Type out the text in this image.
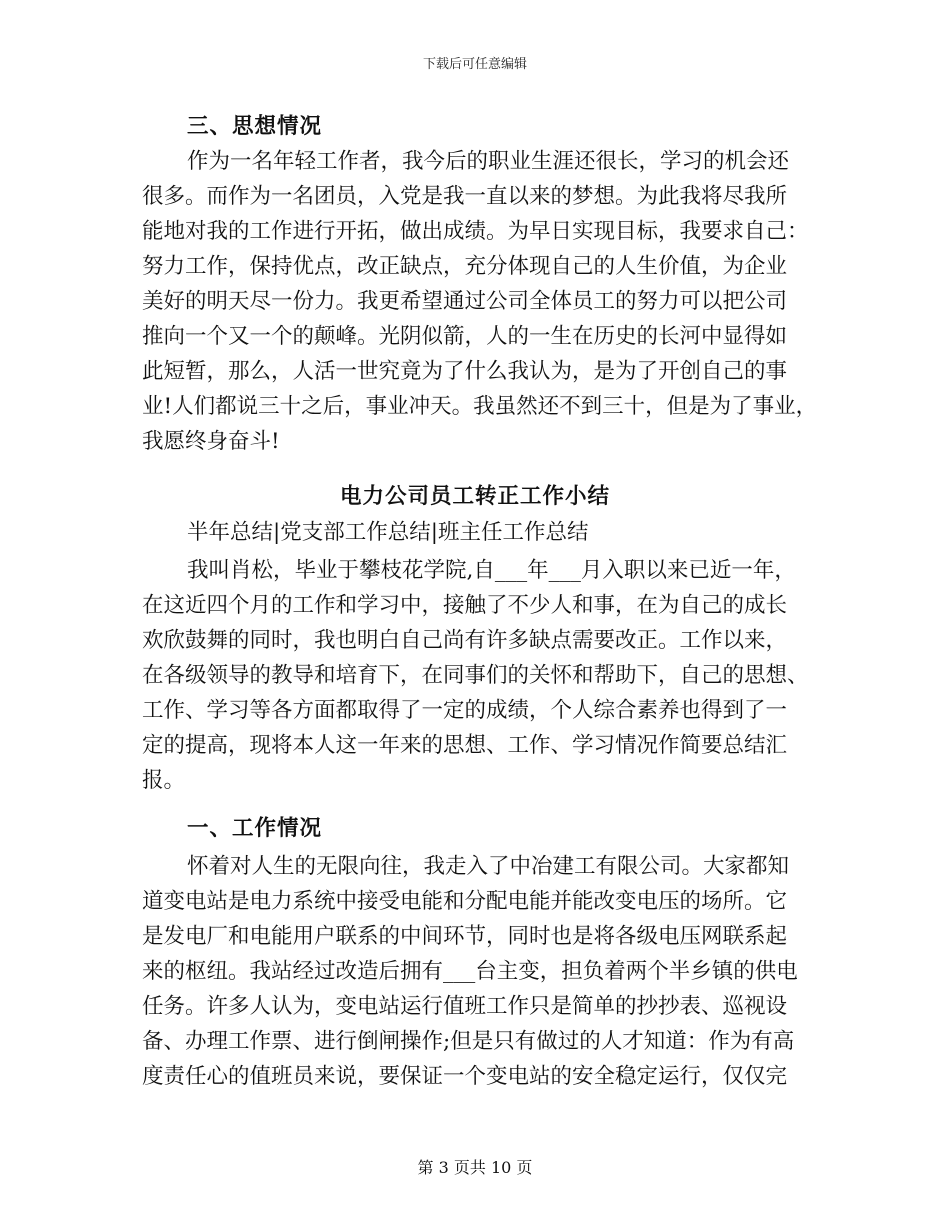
下载后可任意编辑
三、思想情况
作为一名年轻工作者，我今后的职业生涯还很长，学习的机会还
很多。而作为一名团员，入党是我一直以来的梦想。为此我将尽我所
能地对我的工作进行开拓，做出成绩。为早日实现目标，我要求自己：
努力工作，保持优点，改正缺点，充分体现自己的人生价值，为企业
美好的明天尽一份力。我更希望通过公司全体员工的努力可以把公司
推向一个又一个的颠峰。光阴似箭，人的一生在历史的长河中显得如
此短暂，那么，人活一世究竟为了什么我认为，是为了开创自己的事
业!人们都说三十之后，事业冲天。我虽然还不到三十，但是为了事业，
我愿终身奋斗!
电力公司员工转正工作小结
半年总结|党支部工作总结|班主任工作总结
我叫肖松，毕业于攀枝花学院,自___年___月入职以来已近一年，
在这近四个月的工作和学习中，接触了不少人和事，在为自己的成长
欢欣鼓舞的同时，我也明白自己尚有许多缺点需要改正。工作以来，
在各级领导的教导和培育下，在同事们的关怀和帮助下，自己的思想、
工作、学习等各方面都取得了一定的成绩，个人综合素养也得到了一
定的提高，现将本人这一年来的思想、工作、学习情况作简要总结汇
报。
一、工作情况
怀着对人生的无限向往，我走入了中冶建工有限公司。大家都知
道变电站是电力系统中接受电能和分配电能并能改变电压的场所。它
是发电厂和电能用户联系的中间环节，同时也是将各级电压网联系起
来的枢纽。我站经过改造后拥有___台主变，担负着两个半乡镇的供电
任务。许多人认为，变电站运行值班工作只是简单的抄抄表、巡视设
备、办理工作票、进行倒闸操作;但是只有做过的人才知道：作为有高
度责任心的值班员来说，要保证一个变电站的安全稳定运行，仅仅完
第 3 页共 10 页
